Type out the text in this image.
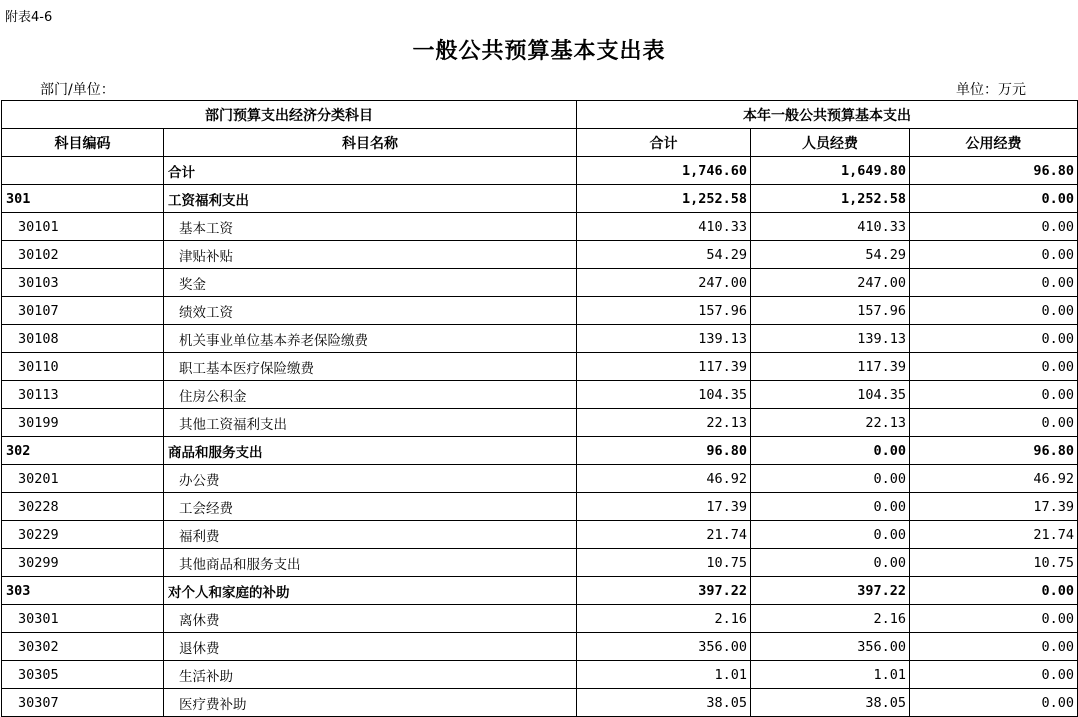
附表4-6
一般公共预算基本支出表
部门/单位：	单位：万元
部门预算支出经济分类科目		本年一般公共预算基本支出		
科目编码	科目名称	合计	人员经费	公用经费
	合计	1,746.60	1,649.80	96.80
301	工资福利支出	1,252.58	1,252.58	0.00
30101	基本工资	410.33	410.33	0.00
30102	津贴补贴	54.29	54.29	0.00
30103	奖金	247.00	247.00	0.00
30107	绩效工资	157.96	157.96	0.00
30108	机关事业单位基本养老保险缴费	139.13	139.13	0.00
30110	职工基本医疗保险缴费	117.39	117.39	0.00
30113	住房公积金	104.35	104.35	0.00
30199	其他工资福利支出	22.13	22.13	0.00
302	商品和服务支出	96.80	0.00	96.80
30201	办公费	46.92	0.00	46.92
30228	工会经费	17.39	0.00	17.39
30229	福利费	21.74	0.00	21.74
30299	其他商品和服务支出	10.75	0.00	10.75
303	对个人和家庭的补助	397.22	397.22	0.00
30301	离休费	2.16	2.16	0.00
30302	退休费	356.00	356.00	0.00
30305	生活补助	1.01	1.01	0.00
30307	医疗费补助	38.05	38.05	0.00
